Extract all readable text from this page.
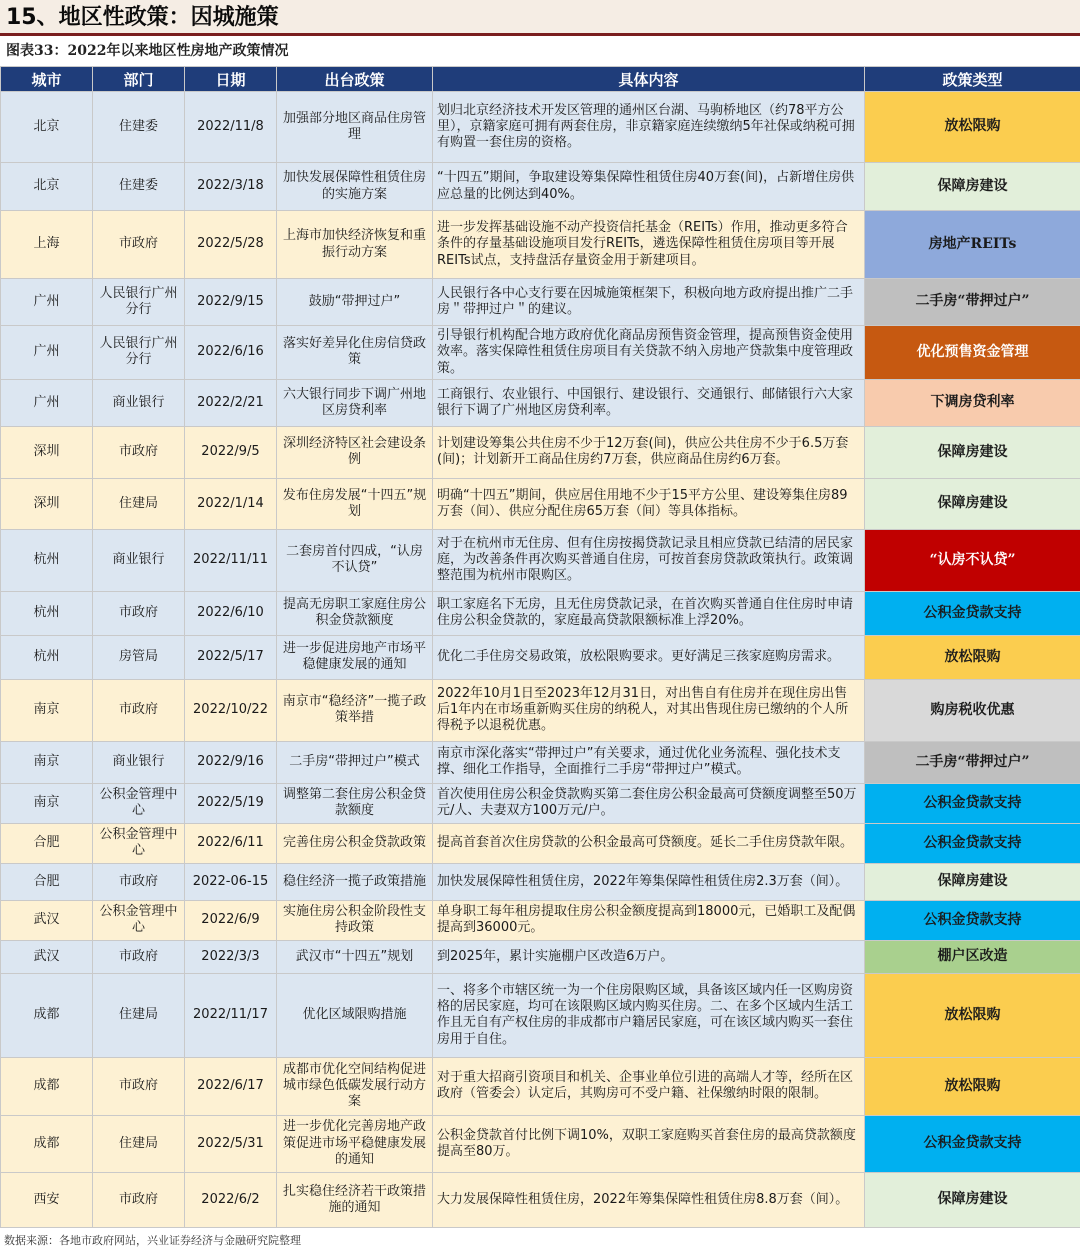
15、地区性政策：因城施策
图表33：2022年以来地区性房地产政策情况
城市	部门	日期	出台政策	具体内容	政策类型
北京	住建委	2022/11/8	加强部分地区商品住房管理	划归北京经济技术开发区管理的通州区台湖、马驹桥地区（约78平方公里），京籍家庭可拥有两套住房，非京籍家庭连续缴纳5年社保或纳税可拥有购置一套住房的资格。	放松限购
北京	住建委	2022/3/18	加快发展保障性租赁住房的实施方案	“十四五”期间，争取建设筹集保障性租赁住房40万套(间)，占新增住房供应总量的比例达到40%。	保障房建设
上海	市政府	2022/5/28	上海市加快经济恢复和重振行动方案	进一步发挥基础设施不动产投资信托基金（REITs）作用，推动更多符合条件的存量基础设施项目发行REITs，遴选保障性租赁住房项目等开展REITs试点，支持盘活存量资金用于新建项目。	房地产REITs
广州	人民银行广州分行	2022/9/15	鼓励“带押过户”	人民银行各中心支行要在因城施策框架下，积极向地方政府提出推广二手房＂带押过户＂的建议。	二手房“带押过户”
广州	人民银行广州分行	2022/6/16	落实好差异化住房信贷政策	引导银行机构配合地方政府优化商品房预售资金管理，提高预售资金使用效率。落实保障性租赁住房项目有关贷款不纳入房地产贷款集中度管理政策。	优化预售资金管理
广州	商业银行	2022/2/21	六大银行同步下调广州地区房贷利率	工商银行、农业银行、中国银行、建设银行、交通银行、邮储银行六大家银行下调了广州地区房贷利率。	下调房贷利率
深圳	市政府	2022/9/5	深圳经济特区社会建设条例	计划建设筹集公共住房不少于12万套(间)，供应公共住房不少于6.5万套(间)；计划新开工商品住房约7万套，供应商品住房约6万套。	保障房建设
深圳	住建局	2022/1/14	发布住房发展“十四五”规划	明确“十四五”期间，供应居住用地不少于15平方公里、建设筹集住房89万套（间）、供应分配住房65万套（间）等具体指标。	保障房建设
杭州	商业银行	2022/11/11	二套房首付四成，“认房不认贷”	对于在杭州市无住房、但有住房按揭贷款记录且相应贷款已结清的居民家庭，为改善条件再次购买普通自住房，可按首套房贷款政策执行。政策调整范围为杭州市限购区。	“认房不认贷”
杭州	市政府	2022/6/10	提高无房职工家庭住房公积金贷款额度	职工家庭名下无房，且无住房贷款记录，在首次购买普通自住住房时申请住房公积金贷款的，家庭最高贷款限额标准上浮20%。	公积金贷款支持
杭州	房管局	2022/5/17	进一步促进房地产市场平稳健康发展的通知	优化二手住房交易政策，放松限购要求。更好满足三孩家庭购房需求。	放松限购
南京	市政府	2022/10/22	南京市“稳经济”一揽子政策举措	2022年10月1日至2023年12月31日，对出售自有住房并在现住房出售后1年内在市场重新购买住房的纳税人，对其出售现住房已缴纳的个人所得税予以退税优惠。	购房税收优惠
南京	商业银行	2022/9/16	二手房“带押过户”模式	南京市深化落实“带押过户”有关要求，通过优化业务流程、强化技术支撑、细化工作指导，全面推行二手房“带押过户”模式。	二手房“带押过户”
南京	公积金管理中心	2022/5/19	调整第二套住房公积金贷款额度	首次使用住房公积金贷款购买第二套住房公积金最高可贷额度调整至50万元/人、夫妻双方100万元/户。	公积金贷款支持
合肥	公积金管理中心	2022/6/11	完善住房公积金贷款政策	提高首套首次住房贷款的公积金最高可贷额度。延长二手住房贷款年限。	公积金贷款支持
合肥	市政府	2022-06-15	稳住经济一揽子政策措施	加快发展保障性租赁住房，2022年筹集保障性租赁住房2.3万套（间）。	保障房建设
武汉	公积金管理中心	2022/6/9	实施住房公积金阶段性支持政策	单身职工每年租房提取住房公积金额度提高到18000元，已婚职工及配偶提高到36000元。	公积金贷款支持
武汉	市政府	2022/3/3	武汉市“十四五”规划	到2025年，累计实施棚户区改造6万户。	棚户区改造
成都	住建局	2022/11/17	优化区域限购措施	一、将多个市辖区统一为一个住房限购区域，具备该区域内任一区购房资格的居民家庭，均可在该限购区域内购买住房。二、在多个区域内生活工作且无自有产权住房的非成都市户籍居民家庭，可在该区域内购买一套住房用于自住。	放松限购
成都	市政府	2022/6/17	成都市优化空间结构促进城市绿色低碳发展行动方案	对于重大招商引资项目和机关、企事业单位引进的高端人才等，经所在区政府（管委会）认定后，其购房可不受户籍、社保缴纳时限的限制。	放松限购
成都	住建局	2022/5/31	进一步优化完善房地产政策促进市场平稳健康发展的通知	公积金贷款首付比例下调10%，双职工家庭购买首套住房的最高贷款额度提高至80万。	公积金贷款支持
西安	市政府	2022/6/2	扎实稳住经济若干政策措施的通知	大力发展保障性租赁住房，2022年筹集保障性租赁住房8.8万套（间）。	保障房建设
数据来源：各地市政府网站，兴业证券经济与金融研究院整理
